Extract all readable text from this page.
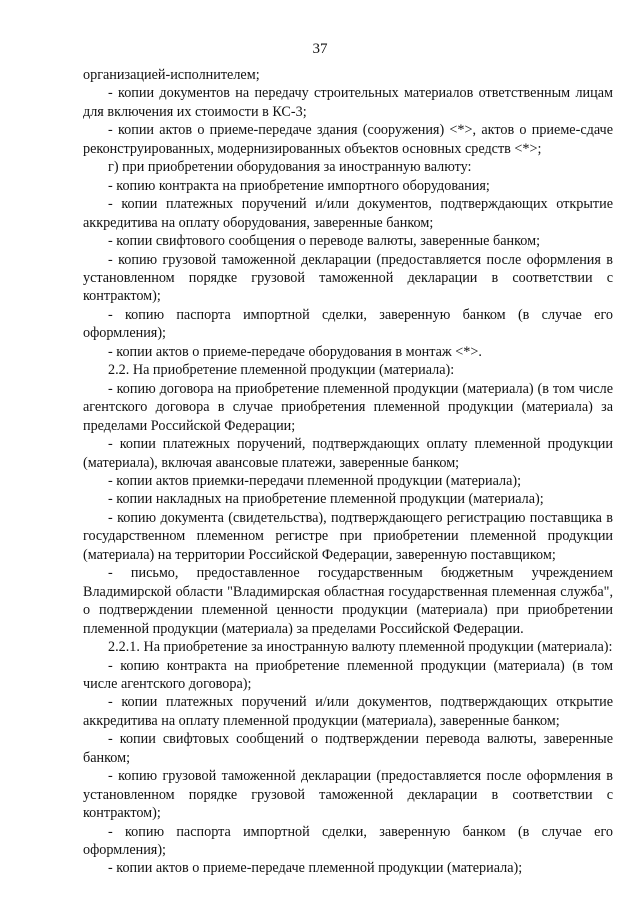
37

организацией-исполнителем;

- копии документов на передачу строительных материалов ответственным лицам для включения их стоимости в КС-3;

- копии актов о приеме-передаче здания (сооружения) <*>, актов о приеме-сдаче реконструированных, модернизированных объектов основных средств <*>;

г) при приобретении оборудования за иностранную валюту:

- копию контракта на приобретение импортного оборудования;

- копии платежных поручений и/или документов, подтверждающих открытие аккредитива на оплату оборудования, заверенные банком;

- копии свифтового сообщения о переводе валюты, заверенные банком;

- копию грузовой таможенной декларации (предоставляется после оформления в установленном порядке грузовой таможенной декларации в соответствии с контрактом);

- копию паспорта импортной сделки, заверенную банком (в случае его оформления);

- копии актов о приеме-передаче оборудования в монтаж <*>.

2.2. На приобретение племенной продукции (материала):

- копию договора на приобретение племенной продукции (материала) (в том числе агентского договора в случае приобретения племенной продукции (материала) за пределами Российской Федерации;

- копии платежных поручений, подтверждающих оплату племенной продукции (материала), включая авансовые платежи, заверенные банком;

- копии актов приемки-передачи племенной продукции (материала);

- копии накладных на приобретение племенной продукции (материала);

- копию документа (свидетельства), подтверждающего регистрацию поставщика в государственном племенном регистре при приобретении племенной продукции (материала) на территории Российской Федерации, заверенную поставщиком;

- письмо, предоставленное государственным бюджетным учреждением Владимирской области "Владимирская областная государственная племенная служба", о подтверждении племенной ценности продукции (материала) при приобретении племенной продукции (материала) за пределами Российской Федерации.

2.2.1. На приобретение за иностранную валюту племенной продукции (материала):

- копию контракта на приобретение племенной продукции (материала) (в том числе агентского договора);

- копии платежных поручений и/или документов, подтверждающих открытие аккредитива на оплату племенной продукции (материала), заверенные банком;

- копии свифтовых сообщений о подтверждении перевода валюты, заверенные банком;

- копию грузовой таможенной декларации (предоставляется после оформления в установленном порядке грузовой таможенной декларации в соответствии с контрактом);

- копию паспорта импортной сделки, заверенную банком (в случае его оформления);

- копии актов о приеме-передаче племенной продукции (материала);
